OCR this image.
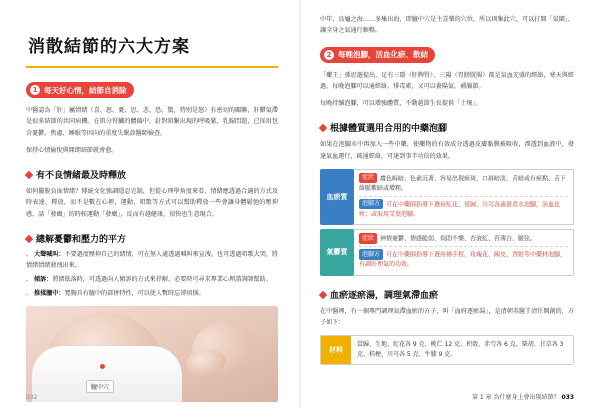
消散結節的六大方案
1 每天好心情，結節自消除

中醫認為「肝」屬情緒（喜、怒、憂、思、悲、恐、驚，特別是怒）有密切的關聯，肝鬱氣滯是很多結節的共同病機。在肌分腎臟的體偏中，針對頸繫出現的呼吸緊，乳腺問題，已採用包含憂鬱、焦慮、睡眠等因向的重度失眠診醫師檢查。

保持心情愉悅與開朗結節就會愈。

有不良情緒最及時釋放

如何擺脫負面情緒？傳統文化強調隱忍克制，但從心理學角度來看，情緒應透過合適的方式及時表達、釋放，而不是數在心裡，運動、唱歌等方式可以幫助釋放一些會讓身體鬆弛的壓抑感，話「發癥」的時候運動「發癥」，反而有越健康，很快也生意現合。

總解憂鬱和壓力的平方
． 大聲喊叫：不要過度壓抑自己的緒情，可在無人處透過喊叫來宣洩，也可透過唱歌大哭，將情緒情緒發洩出來。
． 傾訴：將緒低落時，可透過向人傾訴的方式來抒解，必要時可尋求專業心理諮詢師幫助。
． 推揉膻中：寬胸具有膻中的部併特性，可以使人暫時忘卻煩惱。
膻中穴
032

中年、烏龜之海……多集出海，即膻中穴是主喜樂的穴位，所以則集此穴，可以打開「氣閘」，讓全身之氣通行順暢。

2 每晚泡腳，活血化瘀、散結

「藥王」孫思邈提出，足有三陰（肝脾腎）、三陽（胃膀胱腸）都是氣血充盛的經絡，寒天與經過，每晚泡腳可以通經絡、排毒素，又可以養陽氣、補腦節。

每晚持續泡腳，可以增強體質，不動越節生長提供「土壤」。

根據體質選用合用的中藥泡腳

如果在泡腳水中再加入一些中藥，使藥物的有效成分透過皮膚黏膜被吸收，滲透到血液中，發達氣血運行，疏通經絡，可達到事半功倍的效果。

血瘀質

症狀 膚色晦暗、色素沉著、容易出現瘀斑、口唇暗淡、舌暗或有瘀點、舌下絡脈紫暗或增粗。

泡腳方 可在中藥師指導下選用紅花、當歸、川芎各適量煮水泡腳，活血化瘀；或取用艾葉泡腳。

氣鬱質

症狀 神情憂鬱、情感脆弱、煩悶不樂、否浪紅、苔薄白、脈弦。

泡腳方 可在中藥師指導下選用佛手柑、玫瑰花、陳皮、香附等中藥材泡腳，有調肝理氣的功效。

血瘀逐瘀湯，調理氣滯血瘀

在中醫裡，有一個專門調理氣滯血瘀的方子，叫「血府逐瘀湯」，是清朝名醫王清任開創的，方子如下：

材料
當歸、生地、紅花各 9 克、桃仁 12 克、枳殼、赤芍各 6 克、柴胡、甘草各 3 克、桔梗、川芎各 5 克、牛膝 9 克。
第 1 章 為什麼身上會出現結節？ 033
